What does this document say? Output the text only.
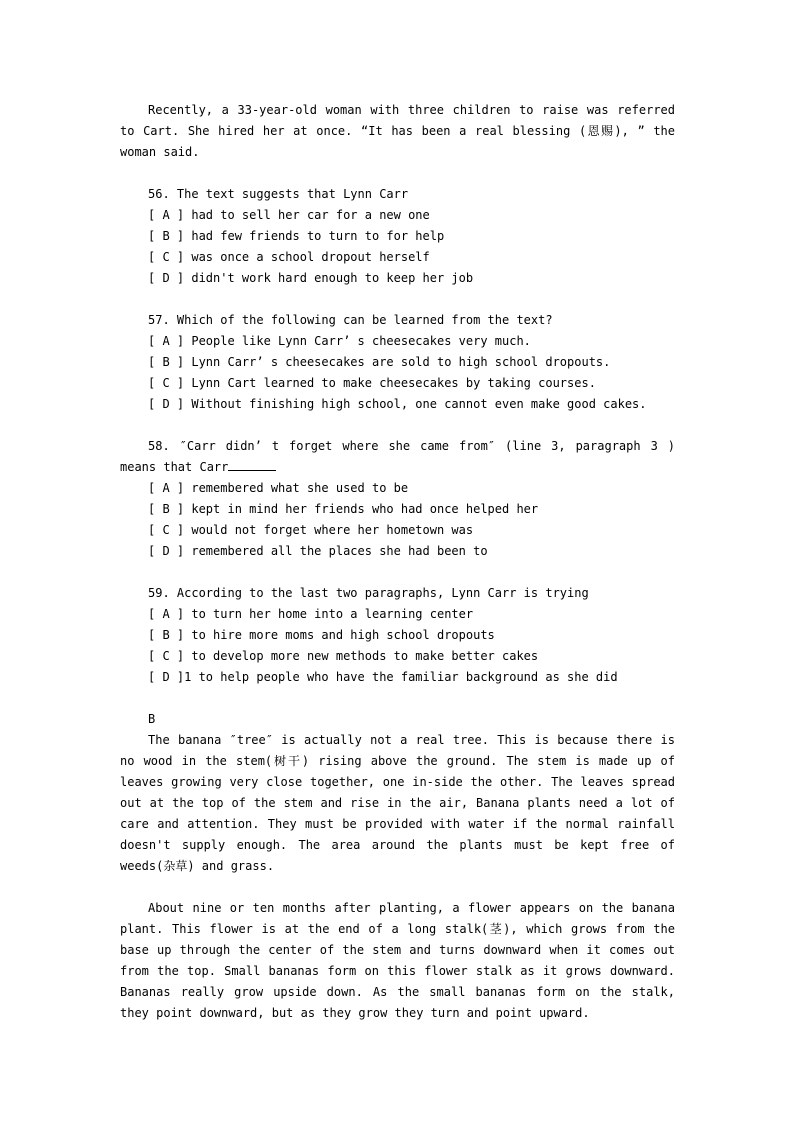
Recently, a 33-year-old woman with three children to raise was referred to Cart. She hired her at once. “It has been a real blessing (恩赐), ” the woman said.

56. The text suggests that Lynn Carr
[ A ] had to sell her car for a new one
[ B ] had few friends to turn to for help
[ C ] was once a school dropout herself
[ D ] didn't work hard enough to keep her job
57. Which of the following can be learned from the text?
[ A ] People like Lynn Carr’ s cheesecakes very much.
[ B ] Lynn Carr’ s cheesecakes are sold to high school dropouts.
[ C ] Lynn Cart learned to make cheesecakes by taking courses.
[ D ] Without finishing high school, one cannot even make good cakes.
58. ″Carr didn’ t forget where she came from″ (line 3, paragraph 3 ) means that Carr
[ A ] remembered what she used to be
[ B ] kept in mind her friends who had once helped her
[ C ] would not forget where her hometown was
[ D ] remembered all the places she had been to
59. According to the last two paragraphs, Lynn Carr is trying
[ A ] to turn her home into a learning center
[ B ] to hire more moms and high school dropouts
[ C ] to develop more new methods to make better cakes
[ D ]1 to help people who have the familiar background as she did
B

The banana ″tree″ is actually not a real tree. This is because there is no wood in the stem(树干) rising above the ground. The stem is made up of leaves growing very close together, one in-side the other. The leaves spread out at the top of the stem and rise in the air, Banana plants need a lot of care and attention. They must be provided with water if the normal rainfall doesn't supply enough. The area around the plants must be kept free of weeds(杂草) and grass.

About nine or ten months after planting, a flower appears on the banana plant. This flower is at the end of a long stalk(茎), which grows from the base up through the center of the stem and turns downward when it comes out from the top. Small bananas form on this flower stalk as it grows downward. Bananas really grow upside down. As the small bananas form on the stalk, they point downward, but as they grow they turn and point upward.
